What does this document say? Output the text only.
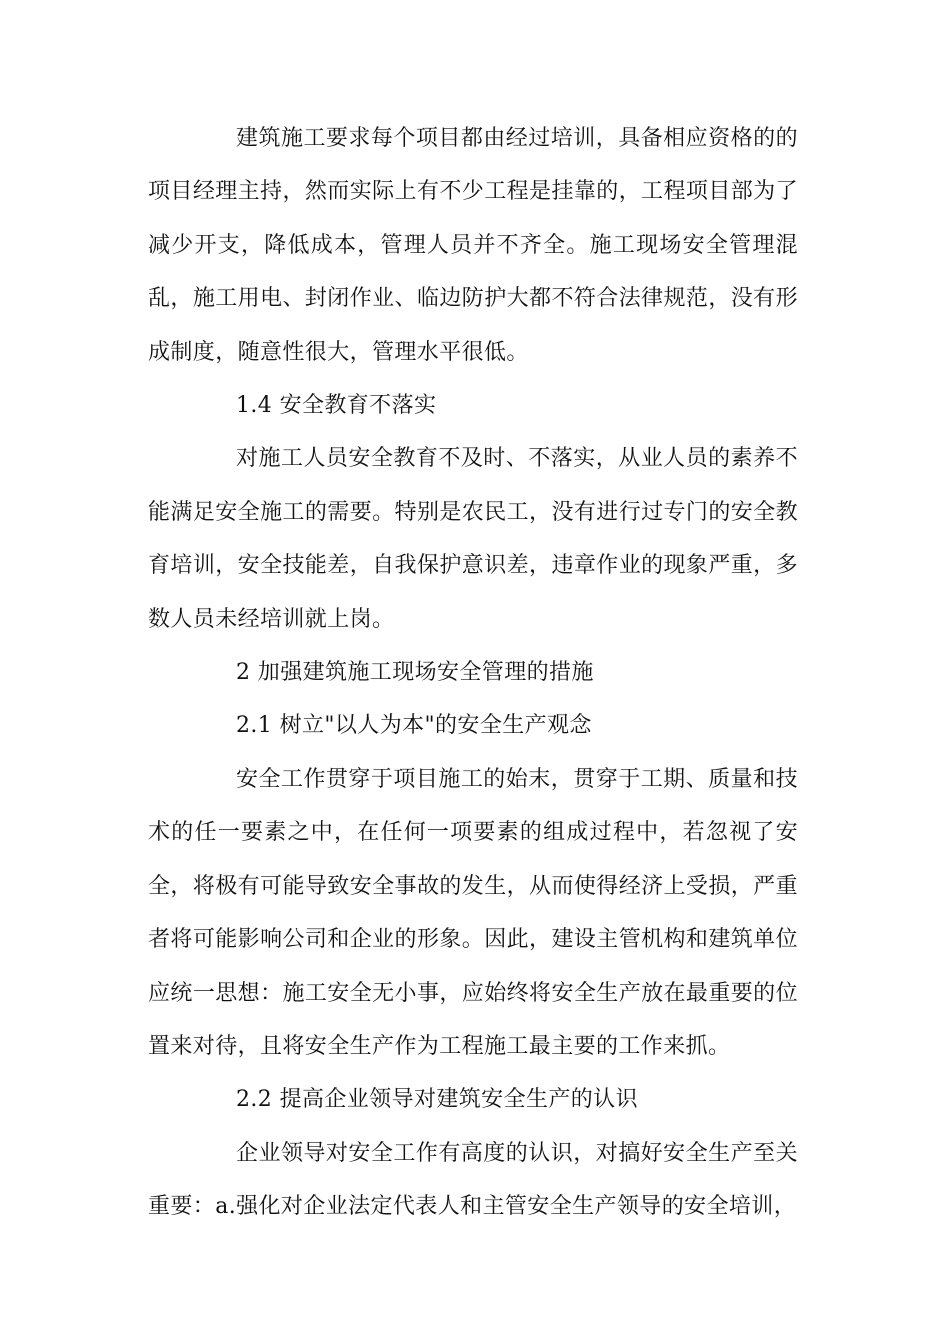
建筑施工要求每个项目都由经过培训，具备相应资格的的项目经理主持，然而实际上有不少工程是挂靠的，工程项目部为了减少开支，降低成本，管理人员并不齐全。施工现场安全管理混乱，施工用电、封闭作业、临边防护大都不符合法律规范，没有形成制度，随意性很大，管理水平很低。

1.4 安全教育不落实

对施工人员安全教育不及时、不落实，从业人员的素养不能满足安全施工的需要。特别是农民工，没有进行过专门的安全教育培训，安全技能差，自我保护意识差，违章作业的现象严重，多数人员未经培训就上岗。

2 加强建筑施工现场安全管理的措施

2.1 树立"以人为本"的安全生产观念

安全工作贯穿于项目施工的始末，贯穿于工期、质量和技术的任一要素之中，在任何一项要素的组成过程中，若忽视了安全，将极有可能导致安全事故的发生，从而使得经济上受损，严重者将可能影响公司和企业的形象。因此，建设主管机构和建筑单位应统一思想：施工安全无小事，应始终将安全生产放在最重要的位置来对待，且将安全生产作为工程施工最主要的工作来抓。

2.2 提高企业领导对建筑安全生产的认识

企业领导对安全工作有高度的认识，对搞好安全生产至关重要：a.强化对企业法定代表人和主管安全生产领导的安全培训，
